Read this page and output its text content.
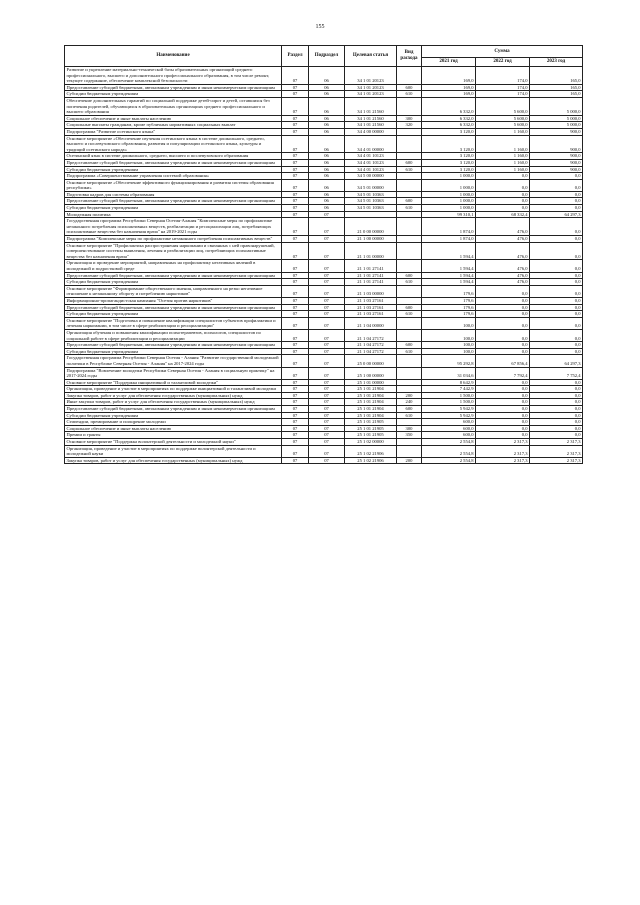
155
Наименование	Раздел	Подраздел	Целевая статья	Вид расхода	Сумма		
					2021 год	2022 год	2023 год
Развитие и укрепление материально-технической базы образовательных организаций среднего профессионального, высшего и дополнительного профессионального образования, в том числе ремонт, текущее содержание, обеспечение комплексной безопасности	07	06	34 1 01 20123		169,0	174,0	165,0
Предоставление субсидий бюджетным, автономным учреждениям и иным некоммерческим организациям	07	06	34 1 01 20123	600	169,0	174,0	165,0
Субсидии бюджетным учреждениям	07	06	34 1 01 20123	610	169,0	174,0	165,0
Обеспечение дополнительных гарантий по социальной поддержке детей-сирот и детей, оставшихся без попечения родителей, обучающихся в образовательных организациях среднего профессионального и высшего образования	07	06	34 1 01 21560		6 332,0	5 600,0	5 000,0
Социальное обеспечение и иные выплаты населению	07	06	34 1 01 21560	300	6 332,0	5 600,0	5 000,0
Социальные выплаты гражданам, кроме публичных нормативных социальных выплат	07	06	34 1 01 21560	320	6 332,0	5 600,0	5 000,0
Подпрограмма "Развитие осетинского языка"	07	06	34 4 00 00000		3 120,0	1 160,0	900,0
Основное мероприятие «Обеспечение изучения осетинского языка в системе дошкольного, среднего, высшего и послевузовского образования, развития и популяризации осетинского языка, культуры и традиций осетинского народа»	07	06	34 4 01 00000		3 120,0	1 160,0	900,0
Осетинский язык в системе дошкольного, среднего, высшего и послевузовского образования	07	06	34 4 01 10123		3 120,0	1 160,0	900,0
Предоставление субсидий бюджетным, автономным учреждениям и иным некоммерческим организациям	07	06	34 4 01 10123	600	3 120,0	1 160,0	900,0
Субсидии бюджетным учреждениям	07	06	34 4 01 10123	610	3 120,0	1 160,0	900,0
Подпрограмма «Совершенствование управления системой образования»	07	06	34 5 00 00000		1 000,0	0,0	0,0
Основное мероприятие «Обеспечение эффективного функционирования и развития системы образования республики»	07	06	34 5 01 00000		1 000,0	0,0	0,0
Подготовка кадров для системы образования	07	06	34 5 01 10363		1 000,0	0,0	0,0
Предоставление субсидий бюджетным, автономным учреждениям и иным некоммерческим организациям	07	06	34 5 01 10363	600	1 000,0	0,0	0,0
Субсидии бюджетным учреждениям	07	06	34 5 01 10363	610	1 000,0	0,0	0,0
Молодежная политика	07	07			99 310,1	68 332,4	64 297,3
Государственная программа Республики Северная Осетия-Алания "Комплексные меры по профилактике незаконного потребления психоактивных веществ, реабилитации и ресоциализации лиц, потребляющих психоактивные вещества без назначения врача" на 2019-2021 годы	07	07	21 0 00 00000		1 874,0	476,0	0,0
Подпрограмма "Комплексные меры по профилактике незаконного потребления психоактивных веществ"	07	07	21 1 00 00000		1 874,0	476,0	0,0
Основное мероприятие "Профилактика распространения наркомании и связанных с ней правонарушений, совершенствование системы выявления, лечения и реабилитации лиц, потребляющих психоактивные вещества без назначения врача"	07	07	21 1 01 00000		1 594,4	476,0	0,0
Организация и проведение мероприятий, направленных на профилактику негативных явлений в молодежной и подростковой среде	07	07	21 1 01 27141		1 594,4	476,0	0,0
Предоставление субсидий бюджетным, автономным учреждениям и иным некоммерческим организациям	07	07	21 1 01 27141	600	1 594,4	476,0	0,0
Субсидии бюджетным учреждениям	07	07	21 1 01 27141	610	1 594,4	476,0	0,0
Основное мероприятие "Формирование общественного мнения, направленного на резко негативное отношение к незаконному обороту и потреблению наркотиков"	07	07	21 1 03 00000		179,6	0,0	0,0
Информационно-пропагандистская кампания "Осетия против наркотиков"	07	07	21 1 03 27161		179,6	0,0	0,0
Предоставление субсидий бюджетным, автономным учреждениям и иным некоммерческим организациям	07	07	21 1 03 27161	600	179,6	0,0	0,0
Субсидии бюджетным учреждениям	07	07	21 1 03 27161	610	179,6	0,0	0,0
Основное мероприятие "Подготовка и повышение квалификации специалистов субъектов профилактики и лечения наркомании, в том числе в сфере реабилитации и ресоциализации"	07	07	21 1 04 00000		100,0	0,0	0,0
Организация обучения и повышения квалификации психотерапевтов, психологов, специалистов по социальной работе в сфере реабилитации и ресоциализации	07	07	21 1 04 27172		100,0	0,0	0,0
Предоставление субсидий бюджетным, автономным учреждениям и иным некоммерческим организациям	07	07	21 1 04 27172	600	100,0	0,0	0,0
Субсидии бюджетным учреждениям	07	07	21 1 04 27172	610	100,0	0,0	0,0
Государственная программа Республики Северная Осетия - Алания "Развитие государственной молодежной политики в Республике Северная Осетия - Алания" на 2017-2024 годы	07	07	25 0 00 00000		95 292,8	67 856,4	64 297,3
Подпрограмма "Вовлечение молодежи Республики Северная Осетия - Алания в социальную практику" на 2017-2024 годы	07	07	25 1 00 00000		31 034,6	7 792,4	7 752,4
Основное мероприятие "Поддержка инициативной и талантливой молодежи"	07	07	25 1 01 00000		8 642,9	0,0	0,0
Организация, проведение и участие в мероприятиях по поддержке инициативной и талантливой молодежи	07	07	25 1 01 21904		7 442,9	0,0	0,0
Закупка товаров, работ и услуг для обеспечения государственных (муниципальных) нужд	07	07	25 1 01 21904	200	1 500,0	0,0	0,0
Иные закупки товаров, работ и услуг для обеспечения государственных (муниципальных) нужд	07	07	25 1 01 21904	240	1 500,0	0,0	0,0
Предоставление субсидий бюджетным, автономным учреждениям и иным некоммерческим организациям	07	07	25 1 01 21904	600	5 942,9	0,0	0,0
Субсидии бюджетным учреждениям	07	07	25 1 01 21904	610	5 942,9	0,0	0,0
Стипендии, премирование и поощрение молодежи	07	07	25 1 01 21905		600,0	0,0	0,0
Социальное обеспечение и иные выплаты населению	07	07	25 1 01 21905	300	600,0	0,0	0,0
Премии и гранты	07	07	25 1 01 21905	350	600,0	0,0	0,0
Основное мероприятие "Поддержка волонтерской деятельности и молодежной науки"	07	07	25 1 02 00000		2 554,8	2 317,3	2 317,3
Организация, проведение и участие в мероприятиях по поддержке волонтерской деятельности и молодежной науки	07	07	25 1 02 21906		2 554,8	2 317,3	2 317,3
Закупка товаров, работ и услуг для обеспечения государственных (муниципальных) нужд	07	07	25 1 02 21906	200	2 554,8	2 317,3	2 317,3
